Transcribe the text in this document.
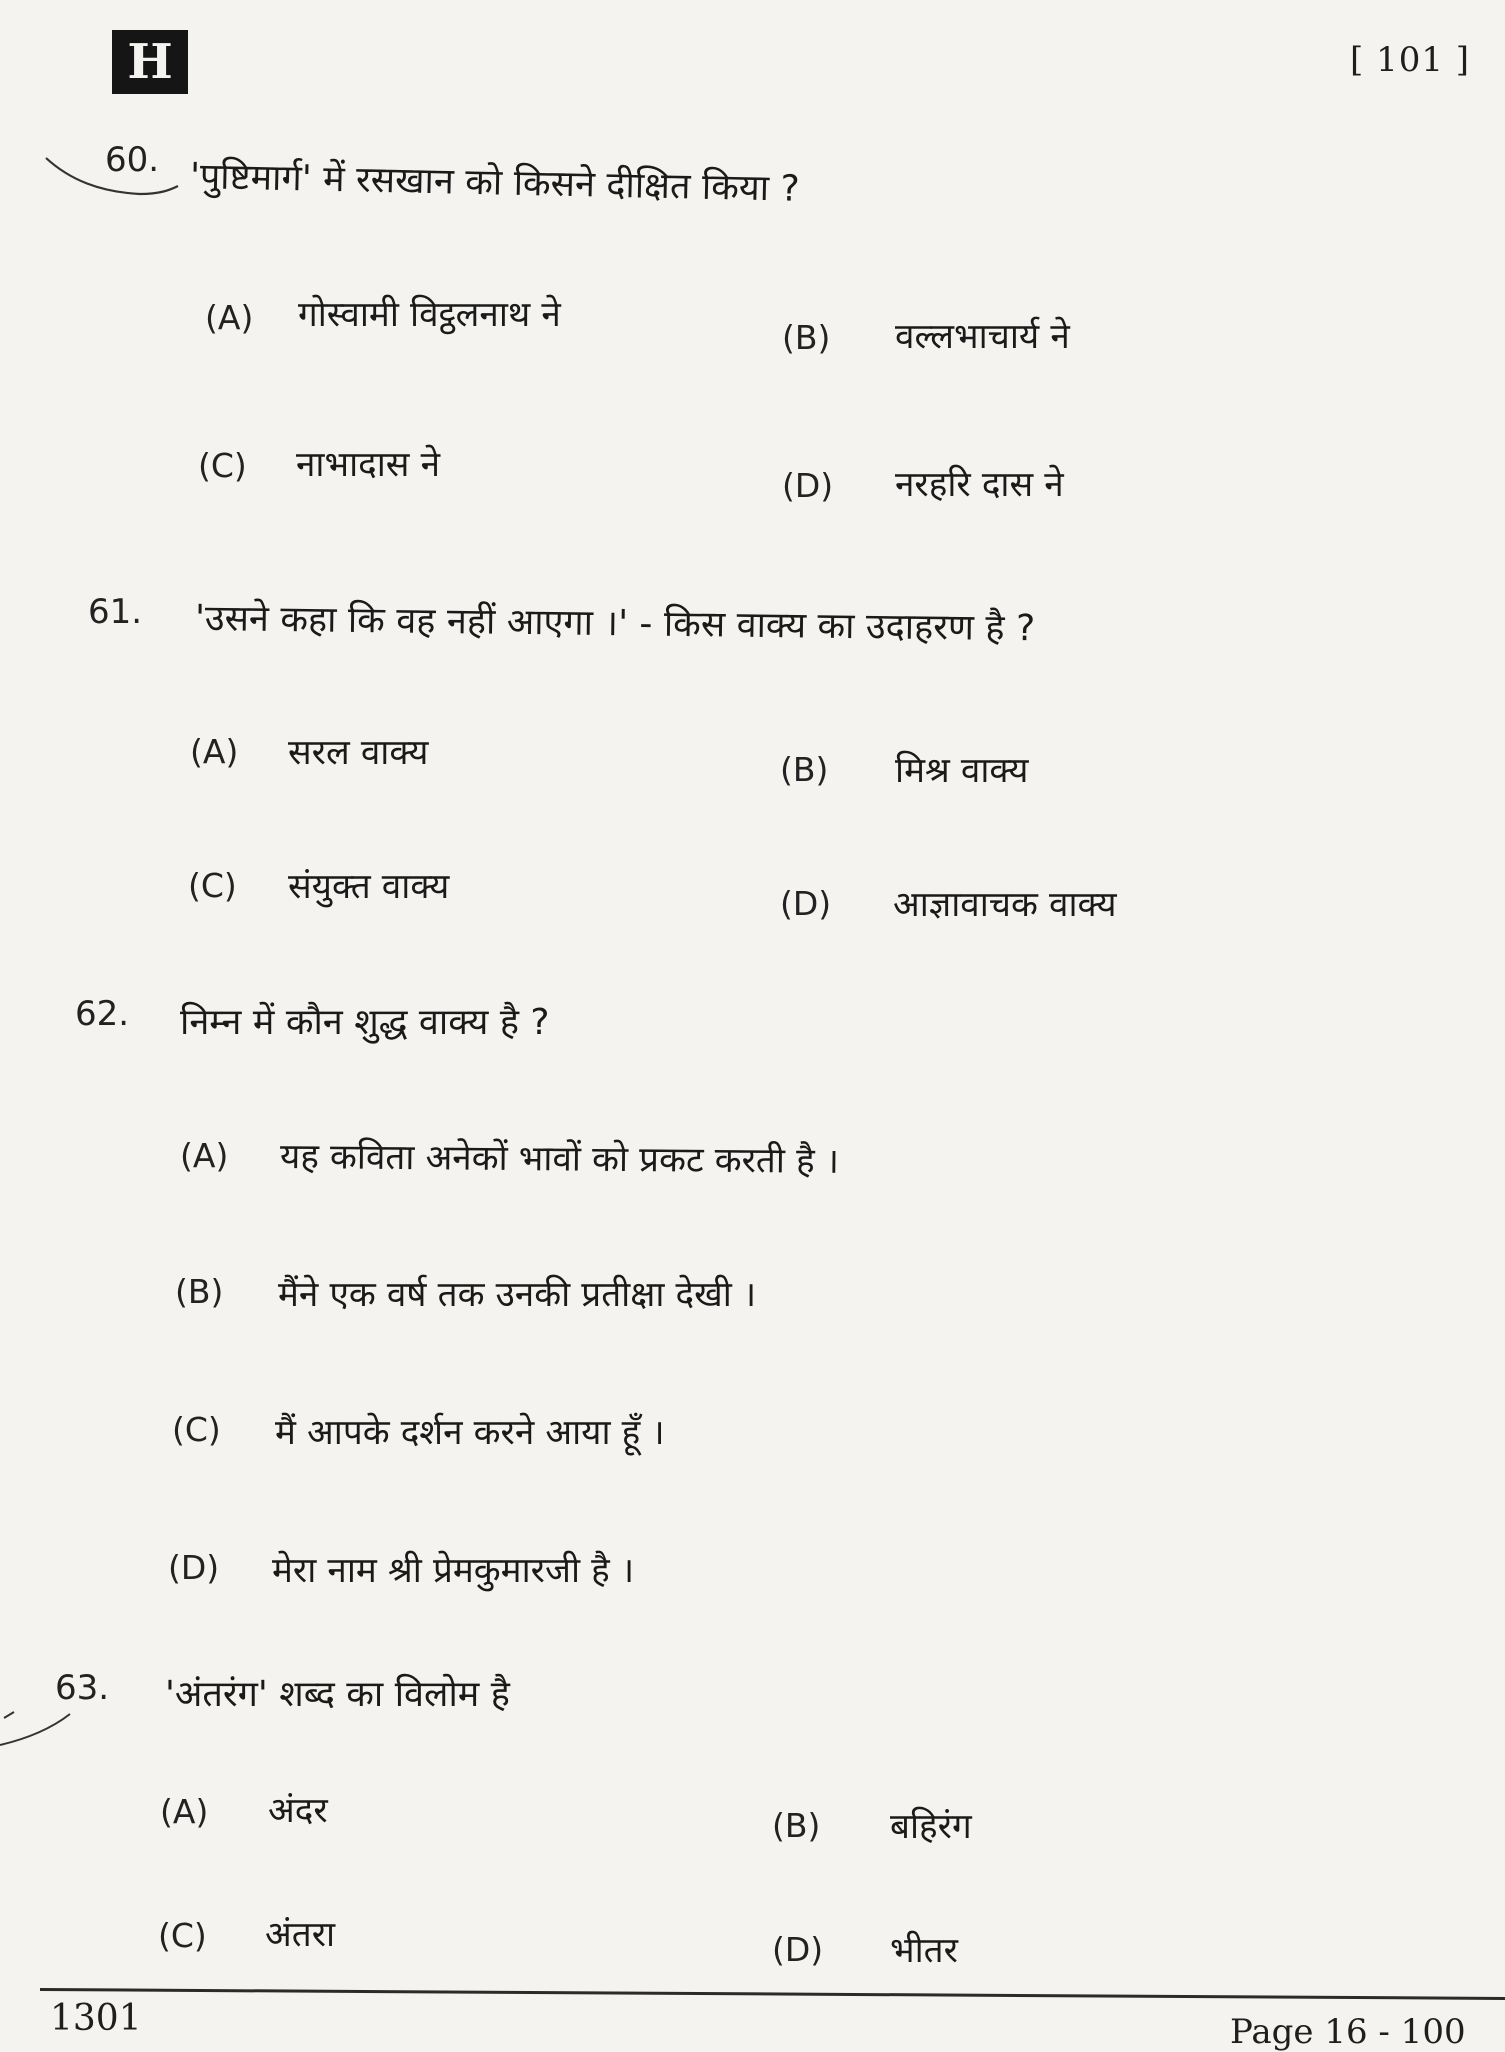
H	[ 101 ]
60. 'पुष्टिमार्ग' में रसखान को किसने दीक्षित किया ?
(A) गोस्वामी विट्ठलनाथ ने
(B) वल्लभाचार्य ने
(C) नाभादास ने
(D) नरहरि दास ने
61. 'उसने कहा कि वह नहीं आएगा ।' - किस वाक्य का उदाहरण है ?
(A) सरल वाक्य	(B) मिश्र वाक्य
(C) संयुक्त वाक्य	(D) आज्ञावाचक वाक्य
62. निम्न में कौन शुद्ध वाक्य है ?
(A) यह कविता अनेकों भावों को प्रकट करती है ।
(B) मैंने एक वर्ष तक उनकी प्रतीक्षा देखी ।
(C) मैं आपके दर्शन करने आया हूँ ।
(D) मेरा नाम श्री प्रेमकुमारजी है ।
63. 'अंतरंग' शब्द का विलोम है
(A) अंदर	(B) बहिरंग
(C) अंतरा	(D) भीतर
1301	Page 16 - 100
